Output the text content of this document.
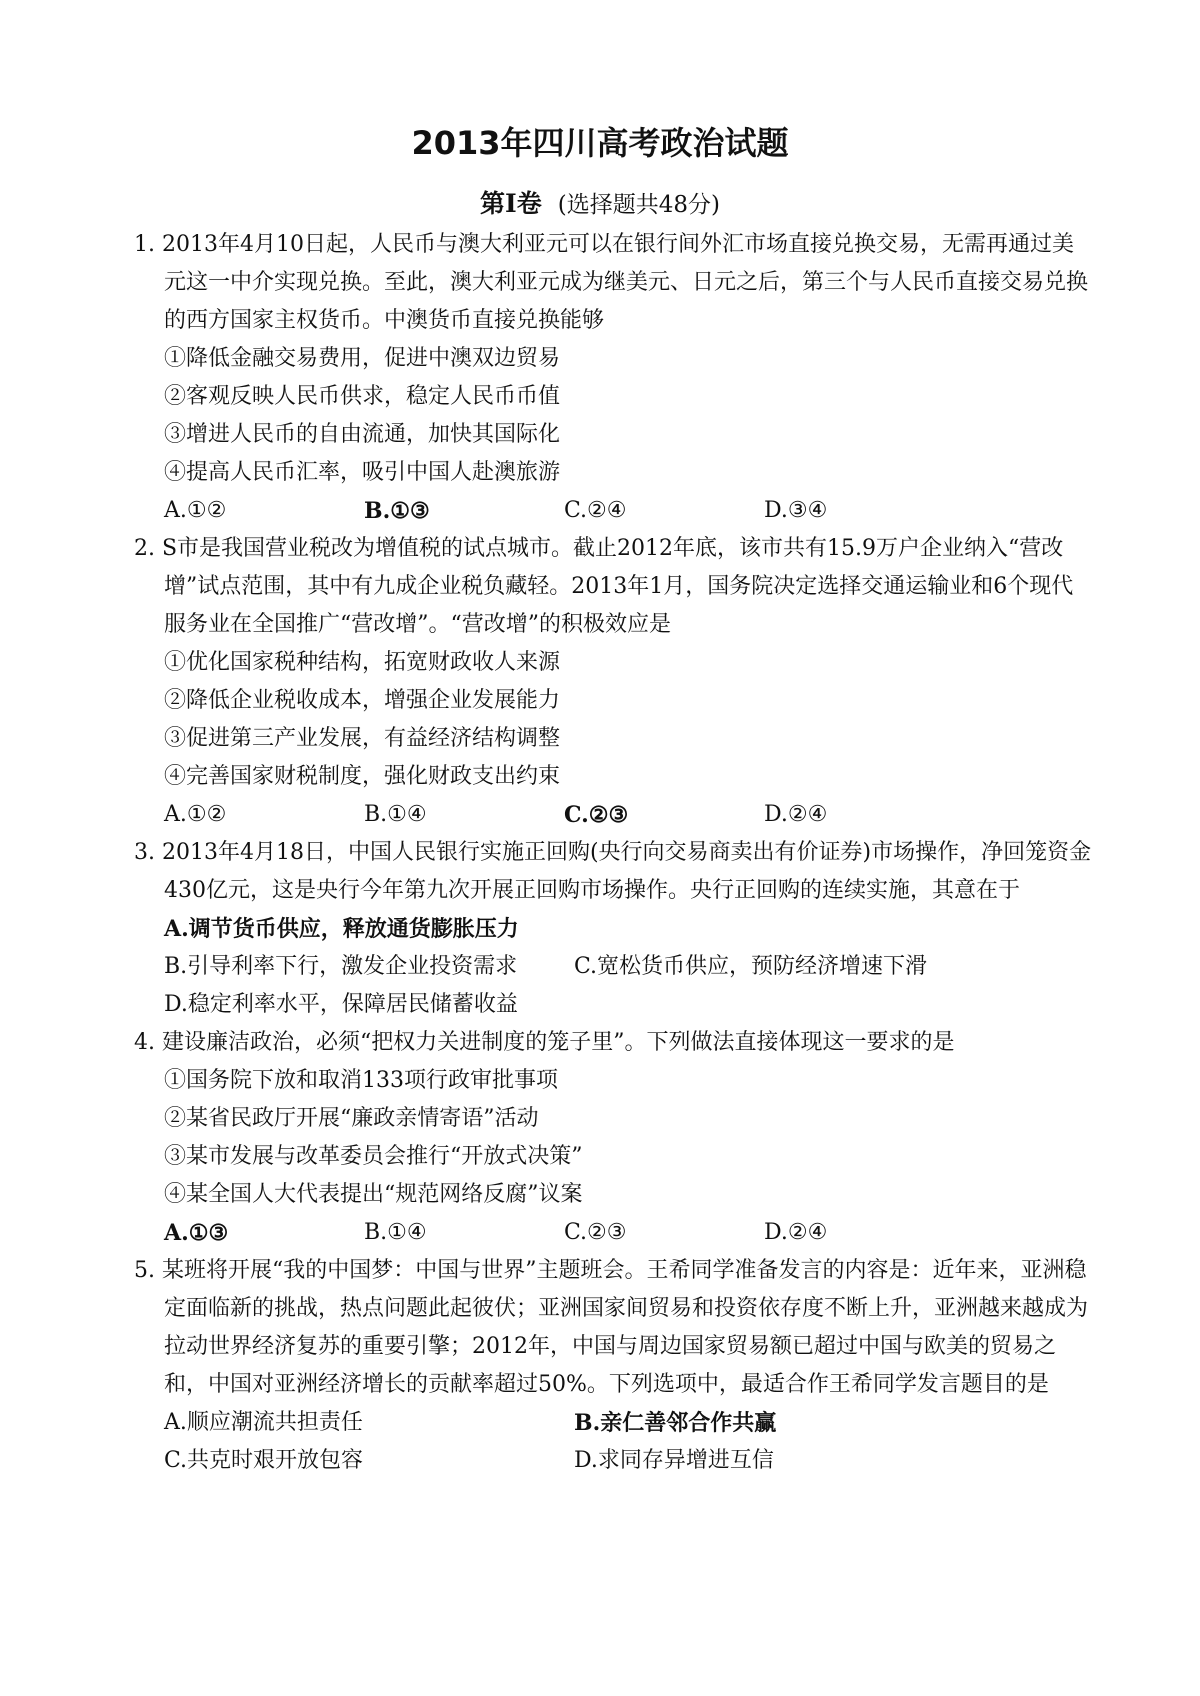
2013年四川高考政治试题
第Ⅰ卷 (选择题共48分)
1. 2013年4月10日起，人民币与澳大利亚元可以在银行间外汇市场直接兑换交易，无需再通过美元这一中介实现兑换。至此，澳大利亚元成为继美元、日元之后，第三个与人民币直接交易兑换的西方国家主权货币。中澳货币直接兑换能够
①降低金融交易费用，促进中澳双边贸易
②客观反映人民币供求，稳定人民币币值
③增进人民币的自由流通，加快其国际化
④提高人民币汇率，吸引中国人赴澳旅游
A.①②	B.①③	C.②④	D.③④
2. S市是我国营业税改为增值税的试点城市。截止2012年底，该市共有15.9万户企业纳入“营改增”试点范围，其中有九成企业税负藏轻。2013年1月，国务院决定选择交通运输业和6个现代服务业在全国推广“营改增”。“营改增”的积极效应是
①优化国家税种结构，拓宽财政收人来源
②降低企业税收成本，增强企业发展能力
③促进第三产业发展，有益经济结构调整
④完善国家财税制度，强化财政支出约束
A.①②	B.①④	C.②③	D.②④
3. 2013年4月18日，中国人民银行实施正回购(央行向交易商卖出有价证券)市场操作，净回笼资金430亿元，这是央行今年第九次开展正回购市场操作。央行正回购的连续实施，其意在于
A.调节货币供应，释放通货膨胀压力
B.引导利率下行，激发企业投资需求	C.宽松货币供应，预防经济增速下滑
D.稳定利率水平，保障居民储蓄收益
4. 建设廉洁政治，必须“把权力关进制度的笼子里”。下列做法直接体现这一要求的是
①国务院下放和取消133项行政审批事项
②某省民政厅开展“廉政亲情寄语”活动
③某市发展与改革委员会推行“开放式决策”
④某全国人大代表提出“规范网络反腐”议案
A.①③	B.①④	C.②③	D.②④
5. 某班将开展“我的中国梦：中国与世界”主题班会。王希同学准备发言的内容是：近年来，亚洲稳定面临新的挑战，热点问题此起彼伏；亚洲国家间贸易和投资依存度不断上升，亚洲越来越成为拉动世界经济复苏的重要引擎；2012年，中国与周边国家贸易额已超过中国与欧美的贸易之和，中国对亚洲经济增长的贡献率超过50%。下列选项中，最适合作王希同学发言题目的是
A.顺应潮流共担责任	B.亲仁善邻合作共赢
C.共克时艰开放包容	D.求同存异增进互信
